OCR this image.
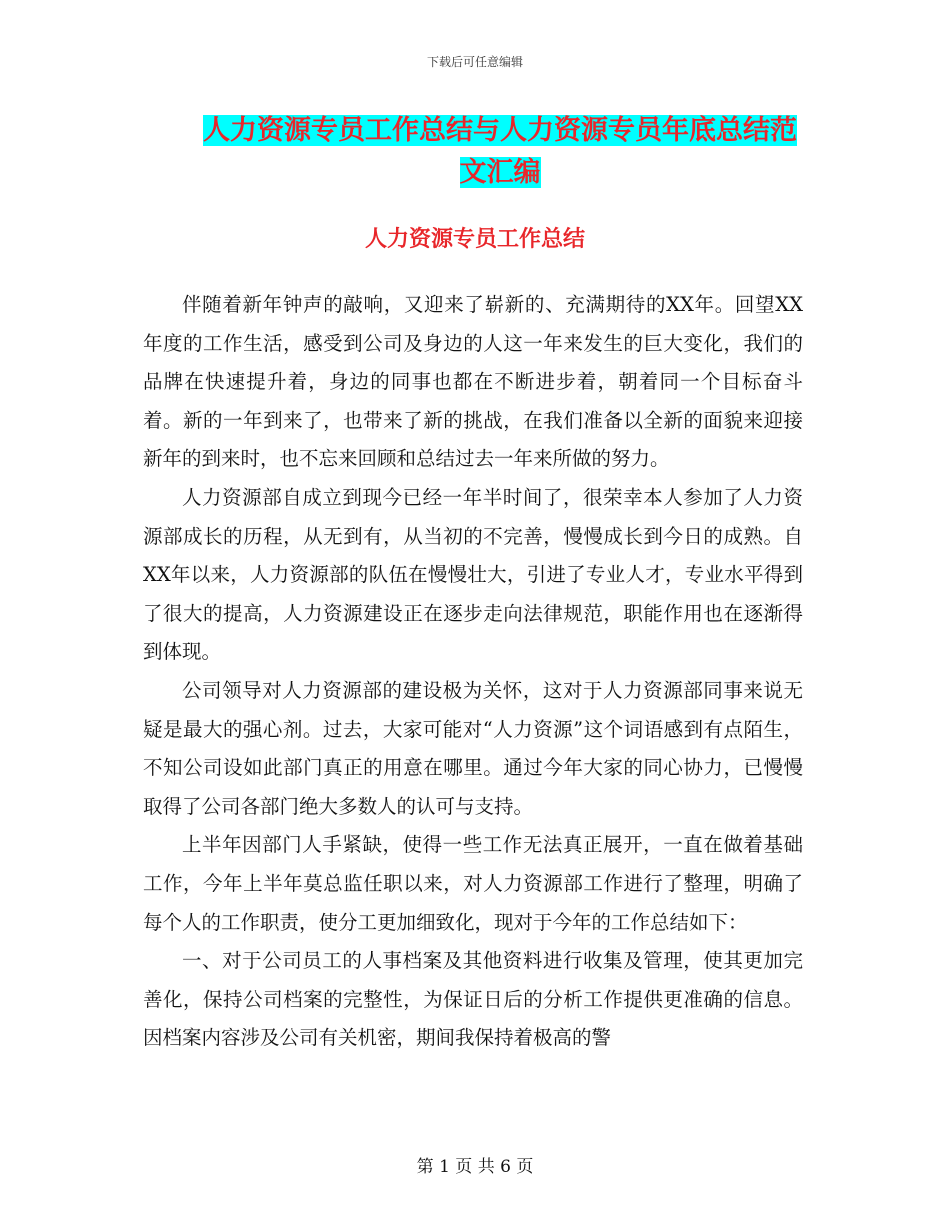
下载后可任意编辑
人力资源专员工作总结与人力资源专员年底总结范文汇编
人力资源专员工作总结

伴随着新年钟声的敲响，又迎来了崭新的、充满期待的XX年。回望XX年度的工作生活，感受到公司及身边的人这一年来发生的巨大变化，我们的品牌在快速提升着，身边的同事也都在不断进步着，朝着同一个目标奋斗着。新的一年到来了，也带来了新的挑战，在我们准备以全新的面貌来迎接新年的到来时，也不忘来回顾和总结过去一年来所做的努力。

人力资源部自成立到现今已经一年半时间了，很荣幸本人参加了人力资源部成长的历程，从无到有，从当初的不完善，慢慢成长到今日的成熟。自XX年以来，人力资源部的队伍在慢慢壮大，引进了专业人才，专业水平得到了很大的提高，人力资源建设正在逐步走向法律规范，职能作用也在逐渐得到体现。

公司领导对人力资源部的建设极为关怀，这对于人力资源部同事来说无疑是最大的强心剂。过去，大家可能对“人力资源”这个词语感到有点陌生，不知公司设如此部门真正的用意在哪里。通过今年大家的同心协力，已慢慢取得了公司各部门绝大多数人的认可与支持。

上半年因部门人手紧缺，使得一些工作无法真正展开，一直在做着基础工作，今年上半年莫总监任职以来，对人力资源部工作进行了整理，明确了每个人的工作职责，使分工更加细致化，现对于今年的工作总结如下：

一、对于公司员工的人事档案及其他资料进行收集及管理，使其更加完善化，保持公司档案的完整性，为保证日后的分析工作提供更准确的信息。因档案内容涉及公司有关机密，期间我保持着极高的警

第 1 页 共 6 页
